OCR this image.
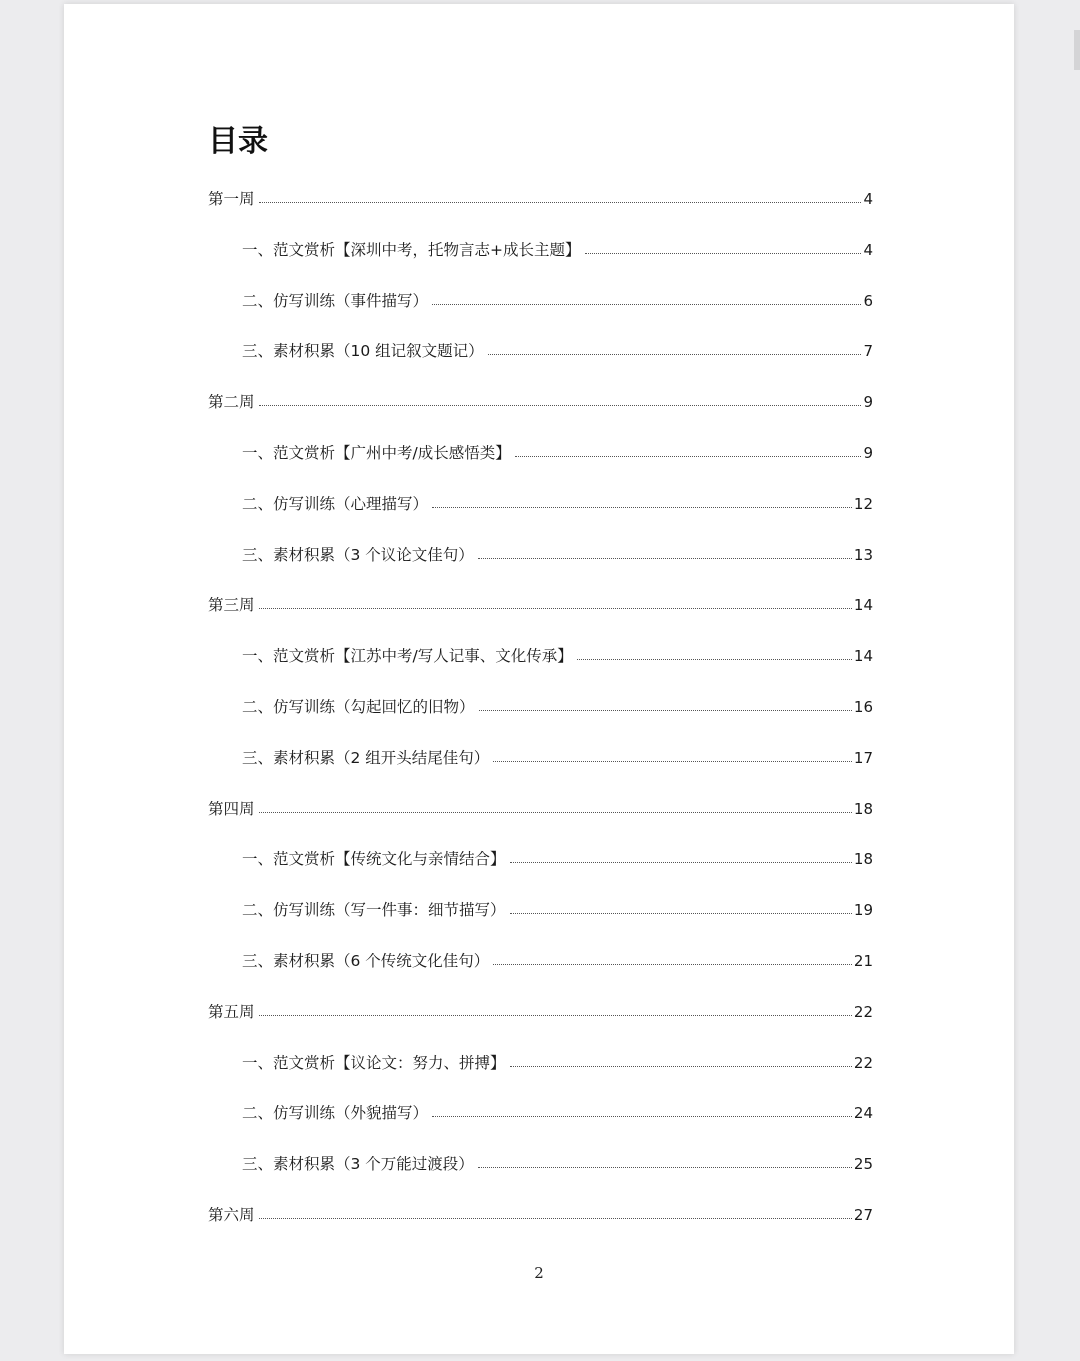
目录
第一周	4
一、范文赏析【深圳中考，托物言志+成长主题】	4
二、仿写训练（事件描写）	6
三、素材积累（10 组记叙文题记）	7
第二周	9
一、范文赏析【广州中考/成长感悟类】	9
二、仿写训练（心理描写）	12
三、素材积累（3 个议论文佳句）	13
第三周	14
一、范文赏析【江苏中考/写人记事、文化传承】	14
二、仿写训练（勾起回忆的旧物）	16
三、素材积累（2 组开头结尾佳句）	17
第四周	18
一、范文赏析【传统文化与亲情结合】	18
二、仿写训练（写一件事：细节描写）	19
三、素材积累（6 个传统文化佳句）	21
第五周	22
一、范文赏析【议论文：努力、拼搏】	22
二、仿写训练（外貌描写）	24
三、素材积累（3 个万能过渡段）	25
第六周	27
2
